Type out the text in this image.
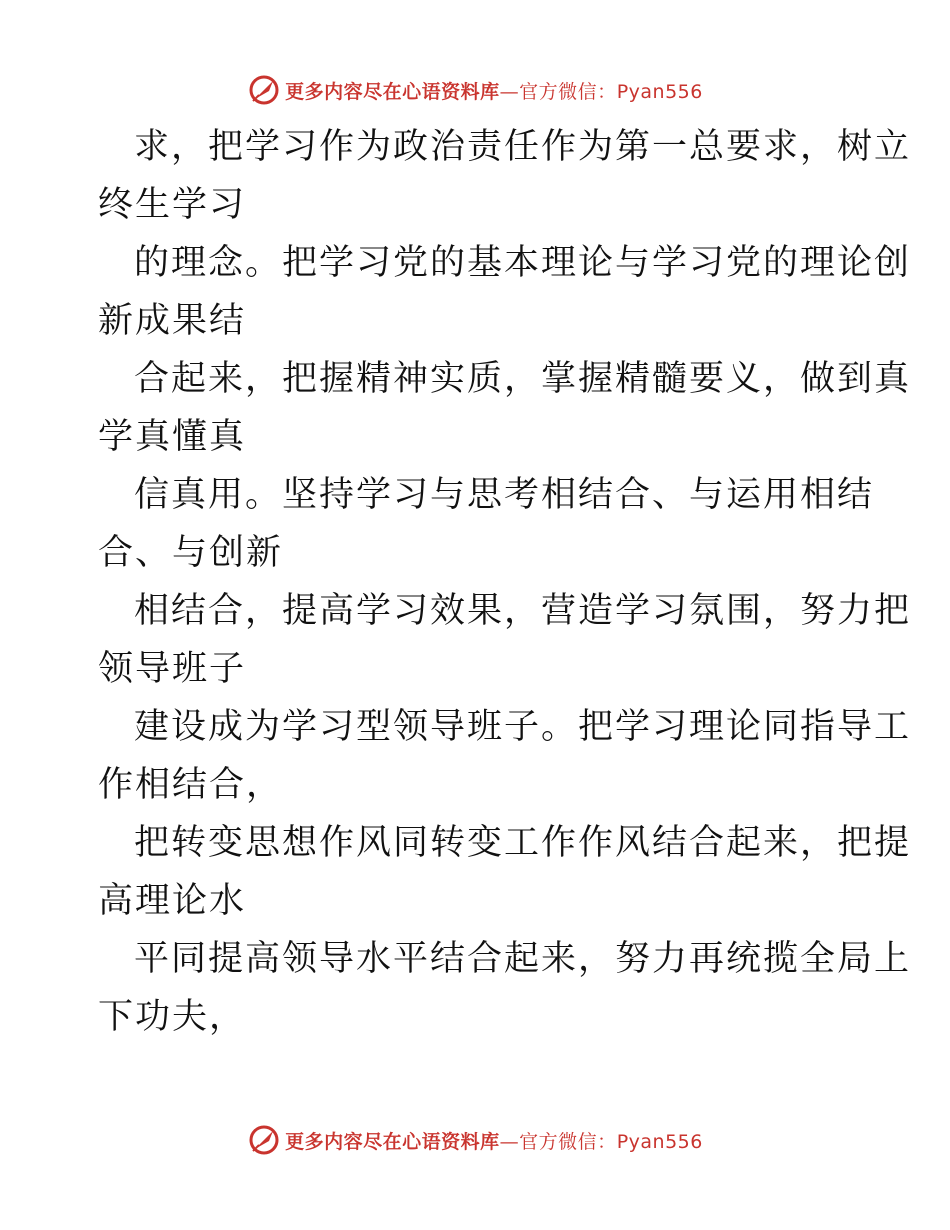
更多内容尽在心语资料库—官方微信：Pyan556
求，把学习作为政治责任作为第一总要求，树立
终生学习
的理念。把学习党的基本理论与学习党的理论创
新成果结
合起来，把握精神实质，掌握精髓要义，做到真
学真懂真
信真用。坚持学习与思考相结合、与运用相结
合、与创新
相结合，提高学习效果，营造学习氛围，努力把
领导班子
建设成为学习型领导班子。把学习理论同指导工
作相结合，
把转变思想作风同转变工作作风结合起来，把提
高理论水
平同提高领导水平结合起来，努力再统揽全局上
下功夫，
更多内容尽在心语资料库—官方微信：Pyan556
